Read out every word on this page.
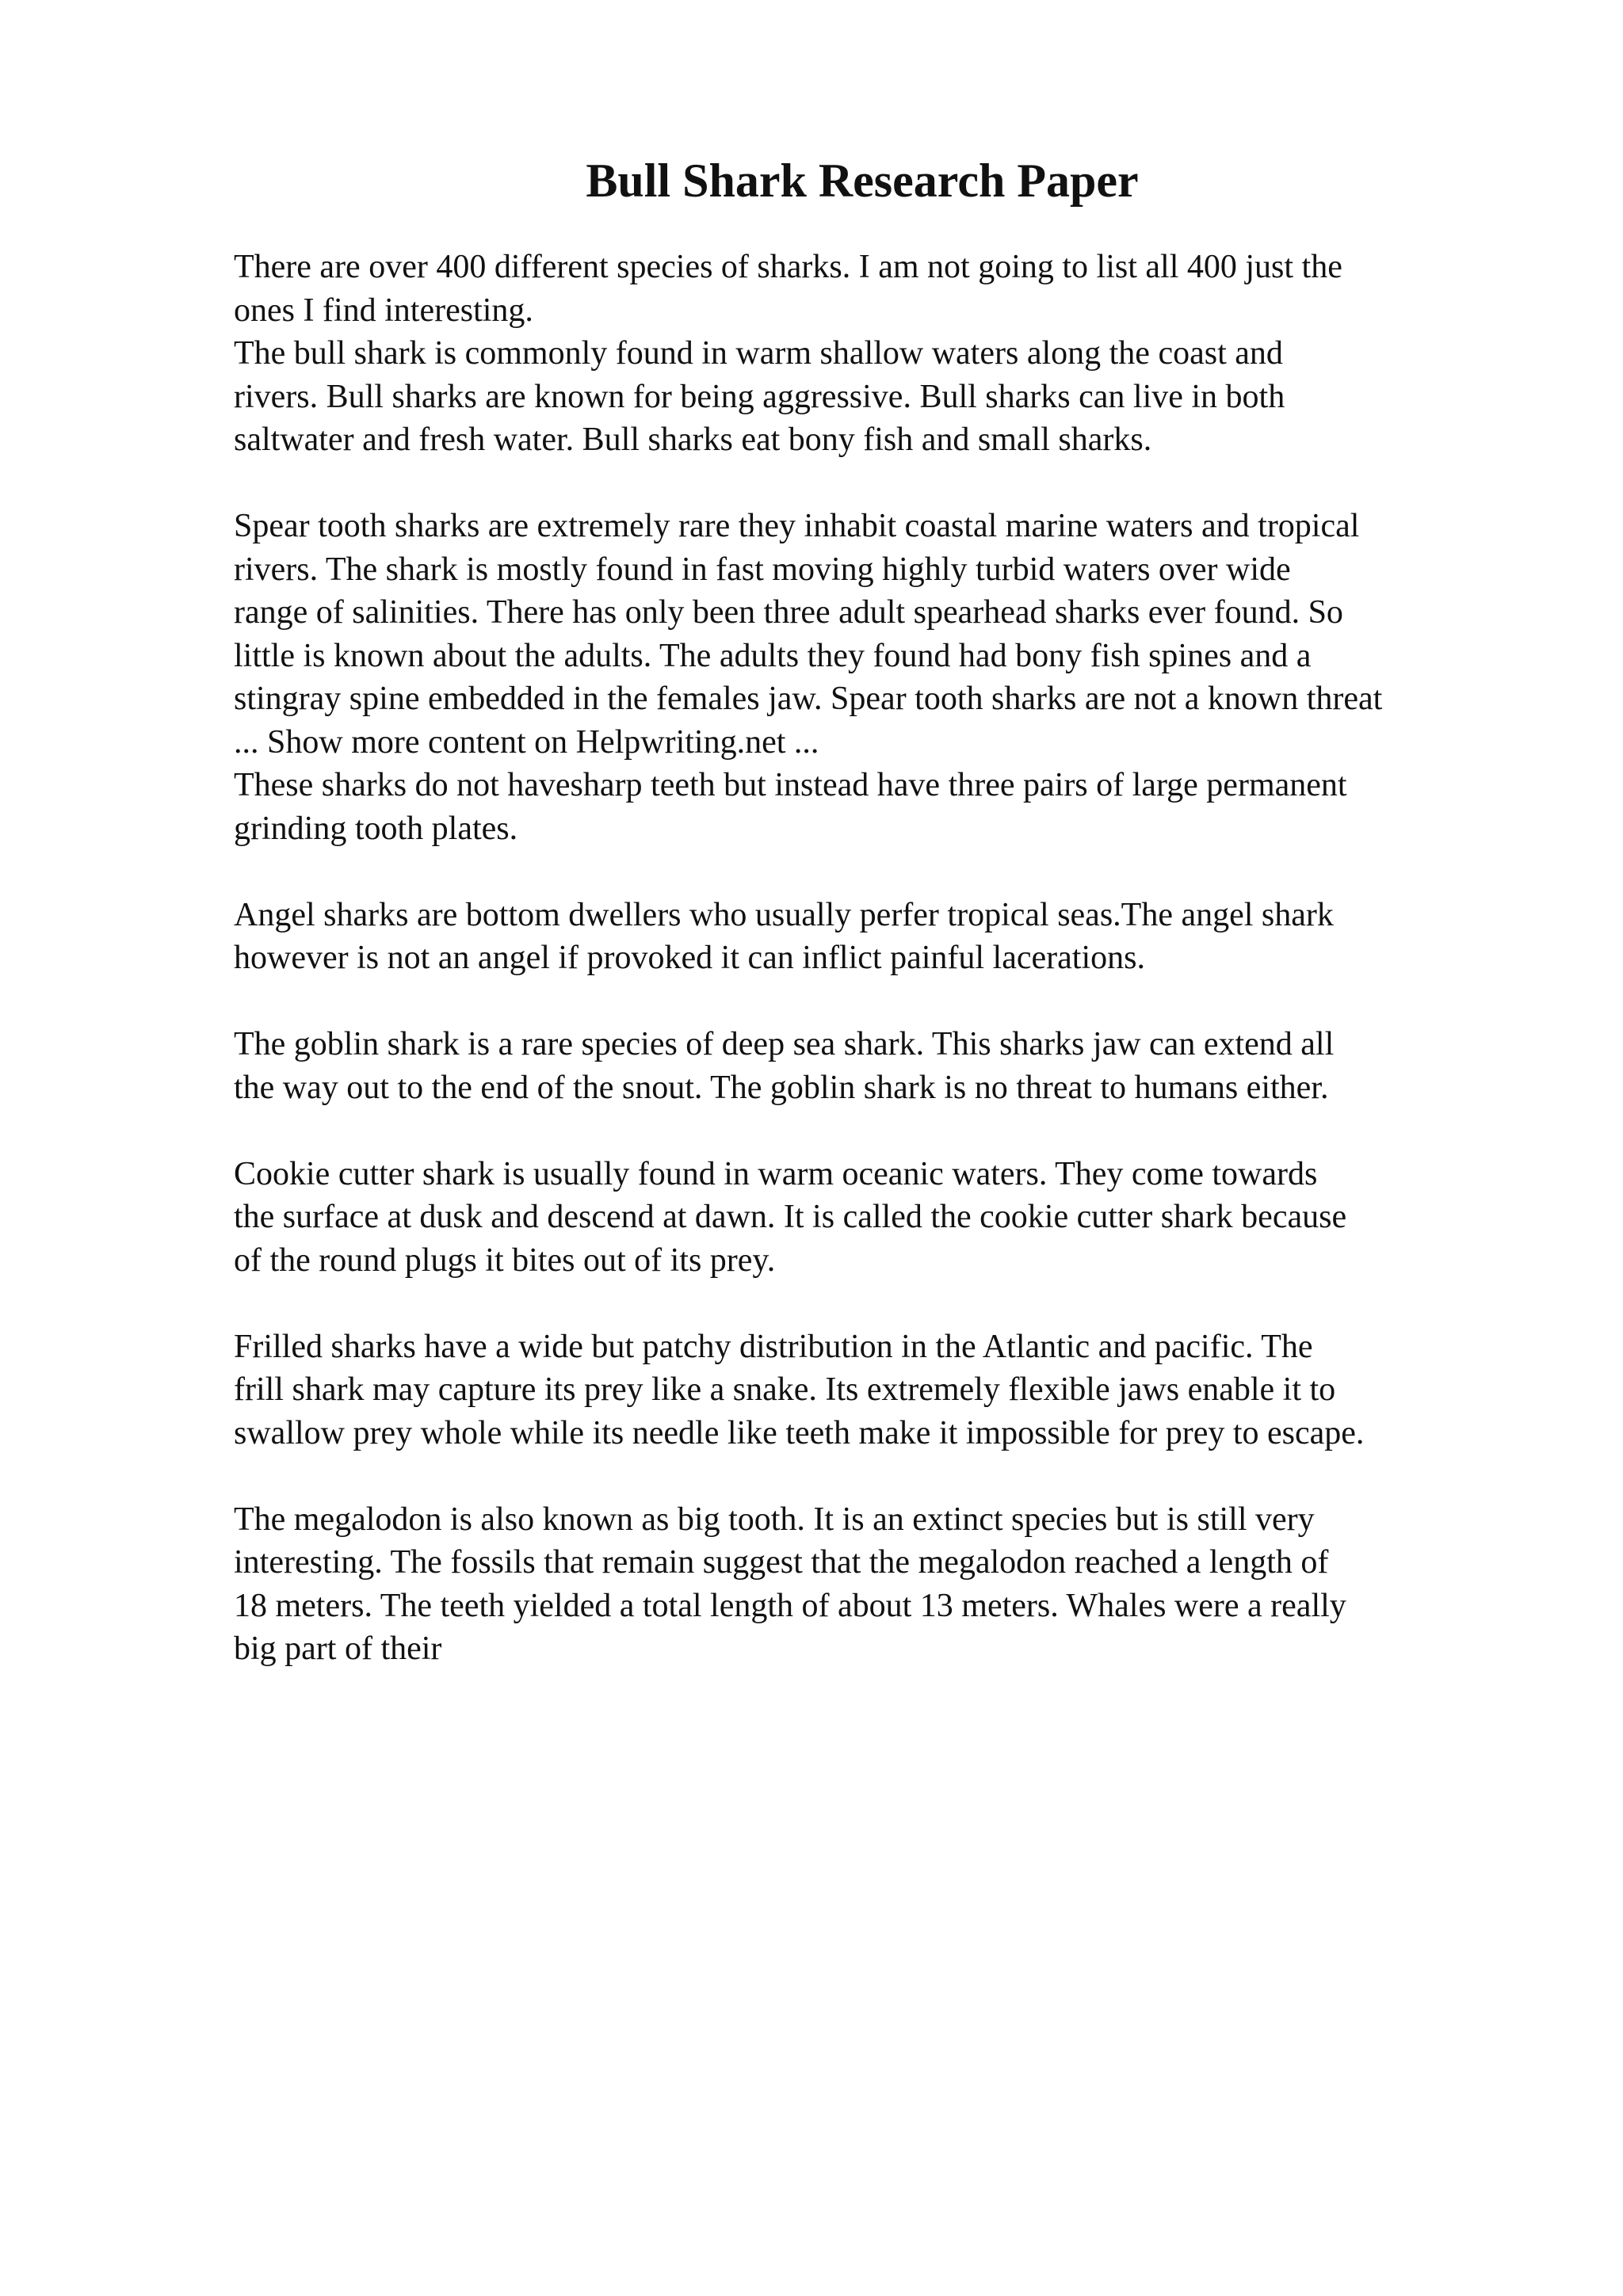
Bull Shark Research Paper
There are over 400 different species of sharks. I am not going to list all 400 just the
ones I find interesting.
The bull shark is commonly found in warm shallow waters along the coast and
rivers. Bull sharks are known for being aggressive. Bull sharks can live in both
saltwater and fresh water. Bull sharks eat bony fish and small sharks.
Spear tooth sharks are extremely rare they inhabit coastal marine waters and tropical
rivers. The shark is mostly found in fast moving highly turbid waters over wide
range of salinities. There has only been three adult spearhead sharks ever found. So
little is known about the adults. The adults they found had bony fish spines and a
stingray spine embedded in the females jaw. Spear tooth sharks are not a known threat
... Show more content on Helpwriting.net ...
These sharks do not havesharp teeth but instead have three pairs of large permanent
grinding tooth plates.
Angel sharks are bottom dwellers who usually perfer tropical seas.The angel shark
however is not an angel if provoked it can inflict painful lacerations.
The goblin shark is a rare species of deep sea shark. This sharks jaw can extend all
the way out to the end of the snout. The goblin shark is no threat to humans either.
Cookie cutter shark is usually found in warm oceanic waters. They come towards
the surface at dusk and descend at dawn. It is called the cookie cutter shark because
of the round plugs it bites out of its prey.
Frilled sharks have a wide but patchy distribution in the Atlantic and pacific. The
frill shark may capture its prey like a snake. Its extremely flexible jaws enable it to
swallow prey whole while its needle like teeth make it impossible for prey to escape.
The megalodon is also known as big tooth. It is an extinct species but is still very
interesting. The fossils that remain suggest that the megalodon reached a length of
18 meters. The teeth yielded a total length of about 13 meters. Whales were a really
big part of their
